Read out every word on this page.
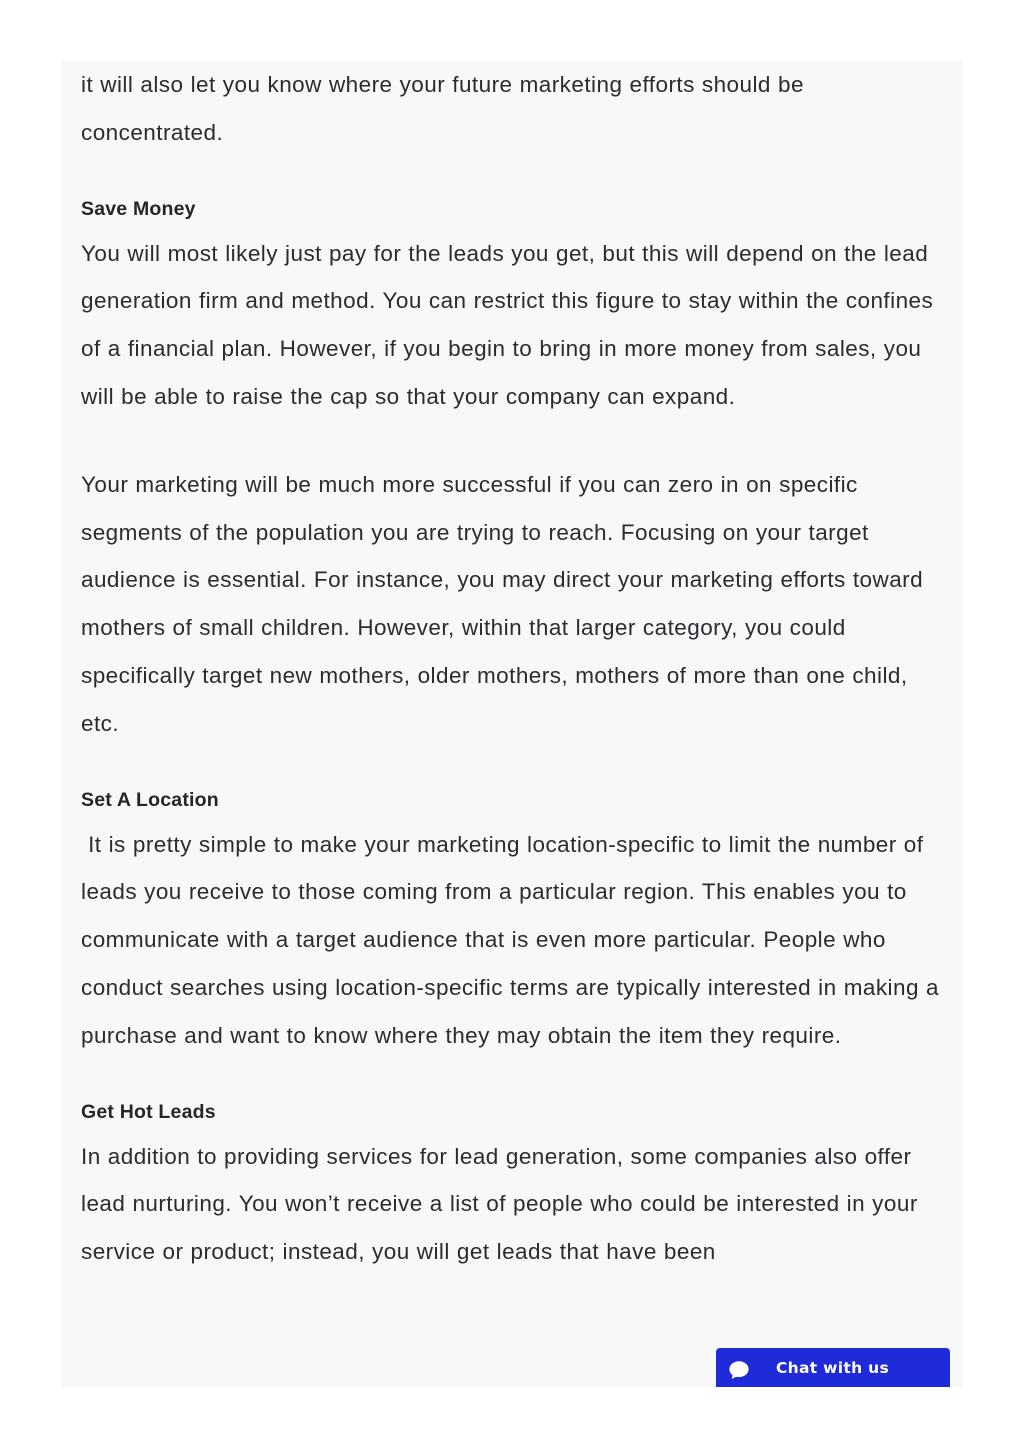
it will also let you know where your future marketing efforts should be concentrated.

Save Money

You will most likely just pay for the leads you get, but this will depend on the lead generation firm and method. You can restrict this figure to stay within the confines of a financial plan. However, if you begin to bring in more money from sales, you will be able to raise the cap so that your company can expand.

Your marketing will be much more successful if you can zero in on specific segments of the population you are trying to reach. Focusing on your target audience is essential. For instance, you may direct your marketing efforts toward mothers of small children. However, within that larger category, you could specifically target new mothers, older mothers, mothers of more than one child, etc.

Set A Location

It is pretty simple to make your marketing location-specific to limit the number of leads you receive to those coming from a particular region. This enables you to communicate with a target audience that is even more particular. People who conduct searches using location-specific terms are typically interested in making a purchase and want to know where they may obtain the item they require.

Get Hot Leads

In addition to providing services for lead generation, some companies also offer lead nurturing. You won’t receive a list of people who could be interested in your service or product; instead, you will get leads that have been

Chat with us
